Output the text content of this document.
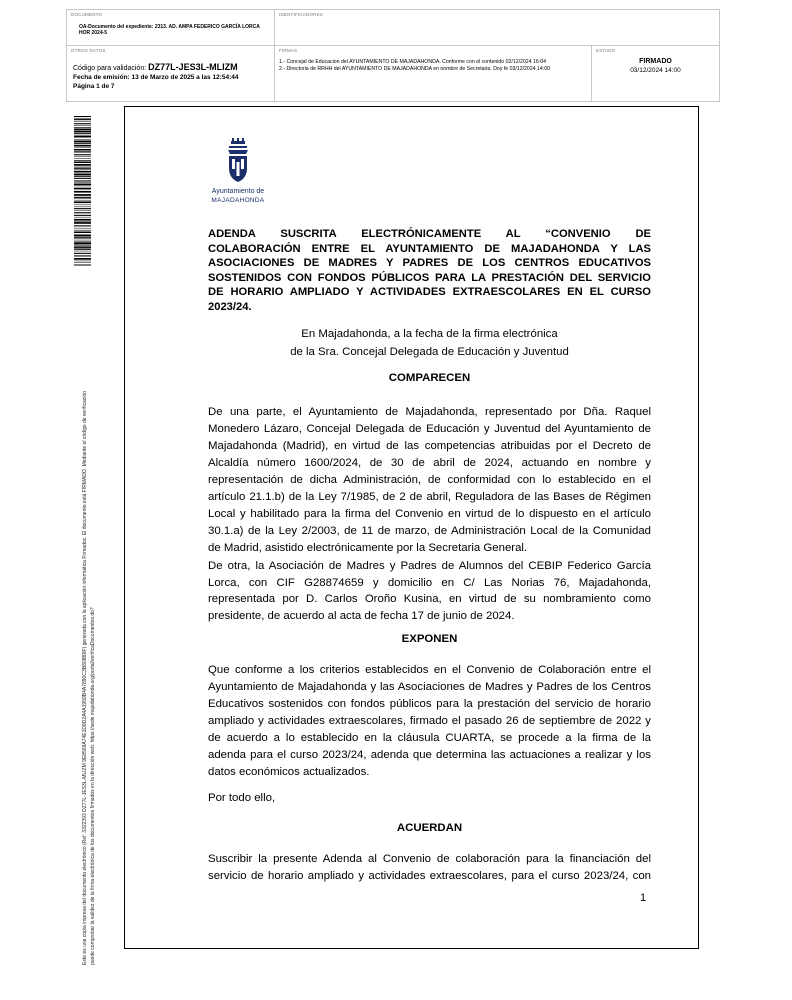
DOCUMENTO
OA-Documento del expediente: 2313. AD. AMPA FEDERICO GARCÍA LORCA HOR 2024-5
IDENTIFICADORES
OTROS DATOS
Código para validación: DZ77L-JES3L-MLIZM
Fecha de emisión: 13 de Marzo de 2025 a las 12:54:44
Página 1 de 7
FIRMAS
1.- Concejal de Educacion del AYUNTAMIENTO DE MAJADAHONDA. Conforme con el contenido 02/12/2024 16:04
2.- Directoria de RRHH del AYUNTAMIENTO DE MAJADAHONDA en nombre de Secretaria. Doy fe 03/12/2024 14:00
ESTADO
FIRMADO
03/12/2024 14:00
Este es una copia impresa del documento electrónico (Ref: 3322393 DZ77L-JES3L-MLIZM 9E8569A74E1D8D2A4A1959B4A7890C3B808B9F) generada con la aplicación informática Firmadoc. El documento está FIRMADO. Mediante el código de verificación puede comprobar la validez de la firma electrónica de los documentos firmados en la dirección web: https://sede.majadahonda.org/portal/verificaDocumentos.do?
Ayuntamiento de
MAJADAHONDA
ADENDA SUSCRITA ELECTRÓNICAMENTE AL “CONVENIO DE
COLABORACIÓN ENTRE EL AYUNTAMIENTO DE MAJADAHONDA Y LAS
ASOCIACIONES DE MADRES Y PADRES DE LOS CENTROS EDUCATIVOS
SOSTENIDOS CON FONDOS PÚBLICOS PARA LA PRESTACIÓN DEL SERVICIO
DE HORARIO AMPLIADO Y ACTIVIDADES EXTRAESCOLARES EN EL CURSO
2023/24.
En Majadahonda, a la fecha de la firma electrónica
de la Sra. Concejal Delegada de Educación y Juventud
COMPARECEN
De una parte, el Ayuntamiento de Majadahonda, representado por Dña. Raquel
Monedero Lázaro, Concejal Delegada de Educación y Juventud del Ayuntamiento de
Majadahonda (Madrid), en virtud de las competencias atribuidas por el Decreto de
Alcaldía número 1600/2024, de 30 de abril de 2024, actuando en nombre y
representación de dicha Administración, de conformidad con lo establecido en el
artículo 21.1.b) de la Ley 7/1985, de 2 de abril, Reguladora de las Bases de Régimen
Local y habilitado para la firma del Convenio en virtud de lo dispuesto en el artículo
30.1.a) de la Ley 2/2003, de 11 de marzo, de Administración Local de la Comunidad
de Madrid, asistido electrónicamente por la Secretaria General.
De otra, la Asociación de Madres y Padres de Alumnos del CEBIP Federico García
Lorca, con CIF G28874659 y domicilio en C/ Las Norias 76, Majadahonda,
representada por D. Carlos Oroño Kusina, en virtud de su nombramiento como
presidente, de acuerdo al acta de fecha 17 de junio de 2024.
EXPONEN
Que conforme a los criterios establecidos en el Convenio de Colaboración entre el
Ayuntamiento de Majadahonda y las Asociaciones de Madres y Padres de los Centros
Educativos sostenidos con fondos públicos para la prestación del servicio de horario
ampliado y actividades extraescolares, firmado el pasado 26 de septiembre de 2022 y
de acuerdo a lo establecido en la cláusula CUARTA, se procede a la firma de la
adenda para el curso 2023/24, adenda que determina las actuaciones a realizar y los
datos económicos actualizados.
Por todo ello,
ACUERDAN
Suscribir la presente Adenda al Convenio de colaboración para la financiación del
servicio de horario ampliado y actividades extraescolares, para el curso 2023/24, con
1
